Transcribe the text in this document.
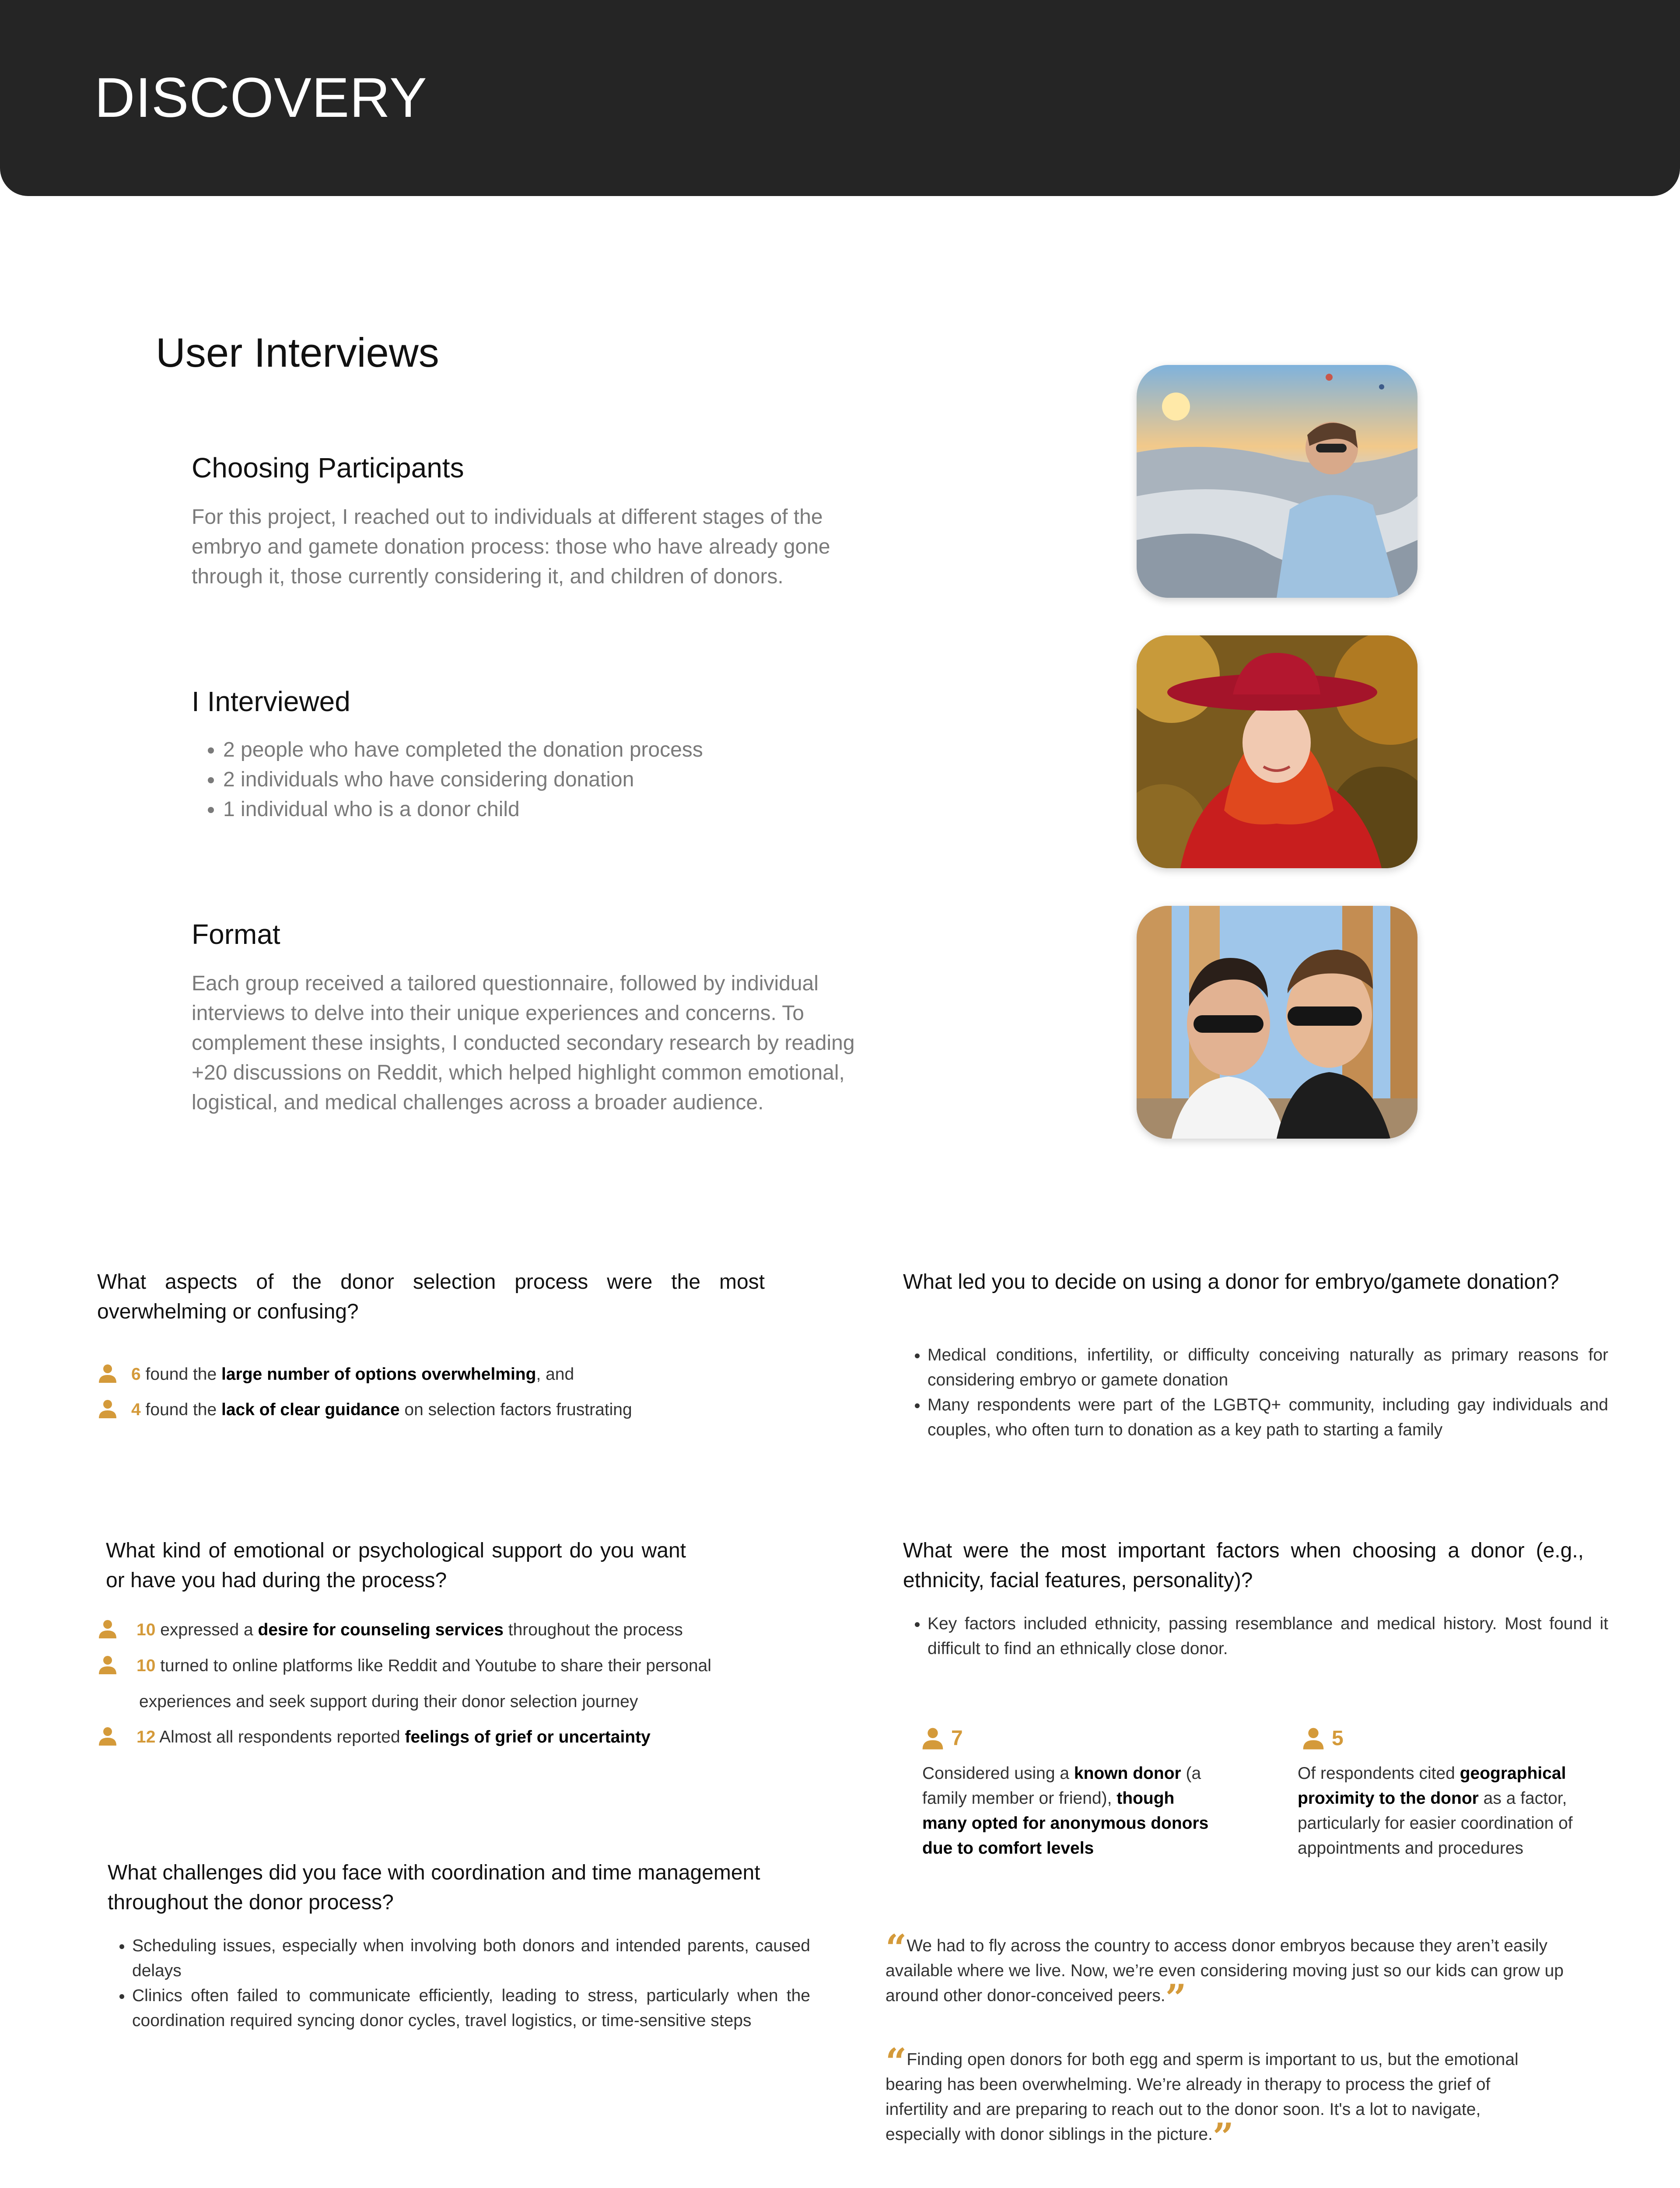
DISCOVERY
User Interviews
Choosing Participants
For this project, I reached out to individuals at different stages of the embryo and gamete donation process: those who have already gone through it, those currently considering it, and children of donors.
I Interviewed
• 2 people who have completed the donation process
• 2 individuals who have considering donation
• 1 individual who is a donor child
Format
Each group received a tailored questionnaire, followed by individual interviews to delve into their unique experiences and concerns. To complement these insights, I conducted secondary research by reading +20 discussions on Reddit, which helped highlight common emotional, logistical, and medical challenges across a broader audience.
What aspects of the donor selection process were the most overwhelming or confusing?
6 found the large number of options overwhelming, and
4 found the lack of clear guidance on selection factors frustrating
What led you to decide on using a donor for embryo/gamete donation?
• Medical conditions, infertility, or difficulty conceiving naturally as primary reasons for considering embryo or gamete donation
• Many respondents were part of the LGBTQ+ community, including gay individuals and couples, who often turn to donation as a key path to starting a family
What kind of emotional or psychological support do you want or have you had during the process?
10 expressed a desire for counseling services throughout the process
10 turned to online platforms like Reddit and Youtube to share their personal
experiences and seek support during their donor selection journey
12 Almost all respondents reported feelings of grief or uncertainty
What were the most important factors when choosing a donor (e.g., ethnicity, facial features, personality)?
• Key factors included ethnicity, passing resemblance and medical history. Most found it difficult to find an ethnically close donor.
7
Considered using a known donor (a family member or friend), though many opted for anonymous donors due to comfort levels
5
Of respondents cited geographical proximity to the donor as a factor, particularly for easier coordination of appointments and procedures
What challenges did you face with coordination and time management throughout the donor process?
• Scheduling issues, especially when involving both donors and intended parents, caused delays
• Clinics often failed to communicate efficiently, leading to stress, particularly when the coordination required syncing donor cycles, travel logistics, or time-sensitive steps
“We had to fly across the country to access donor embryos because they aren’t easily available where we live. Now, we’re even considering moving just so our kids can grow up around other donor-conceived peers.”
“Finding open donors for both egg and sperm is important to us, but the emotional bearing has been overwhelming. We’re already in therapy to process the grief of infertility and are preparing to reach out to the donor soon. It's a lot to navigate, especially with donor siblings in the picture.”
